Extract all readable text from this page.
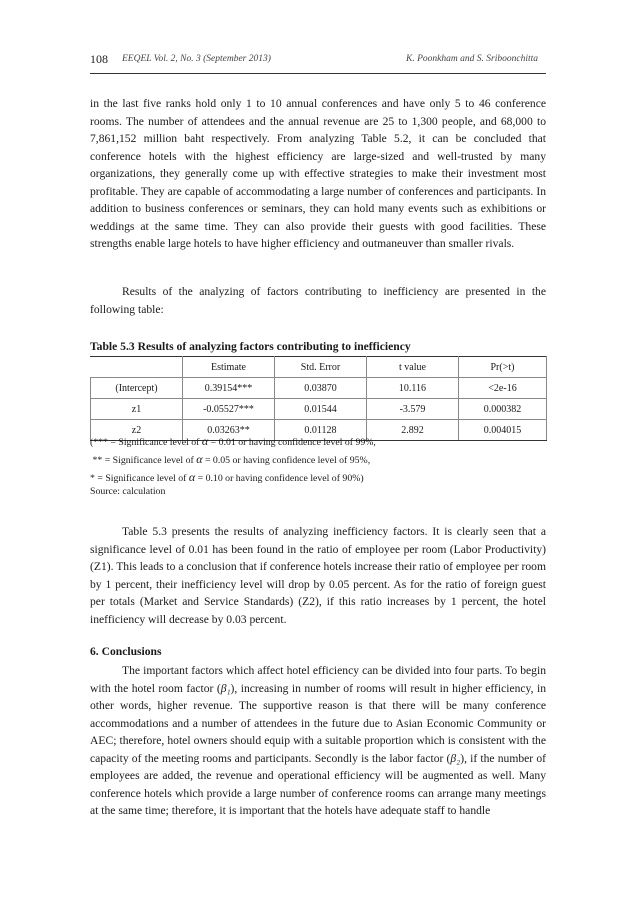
108 EEQEL Vol. 2, No. 3 (September 2013)	K. Poonkham and S. Sriboonchitta

in the last five ranks hold only 1 to 10 annual conferences and have only 5 to 46 conference rooms. The number of attendees and the annual revenue are 25 to 1,300 people, and 68,000 to 7,861,152 million baht respectively. From analyzing Table 5.2, it can be concluded that conference hotels with the highest efficiency are large-sized and well-trusted by many organizations, they generally come up with effective strategies to make their investment most profitable. They are capable of accommodating a large number of conferences and participants. In addition to business conferences or seminars, they can hold many events such as exhibitions or weddings at the same time. They can also provide their guests with good facilities. These strengths enable large hotels to have higher efficiency and outmaneuver than smaller rivals.

Results of the analyzing of factors contributing to inefficiency are presented in the following table:

Table 5.3 Results of analyzing factors contributing to inefficiency
	Estimate	Std. Error	t value	Pr(>t)
(Intercept)	0.39154***	0.03870	10.116	<2e-16
z1	-0.05527***	0.01544	-3.579	0.000382
z2	0.03263**	0.01128	2.892	0.004015
(*** = Significance level of α = 0.01 or having confidence level of 99%,
** = Significance level of α = 0.05 or having confidence level of 95%,
* = Significance level of α = 0.10 or having confidence level of 90%)
Source: calculation

Table 5.3 presents the results of analyzing inefficiency factors. It is clearly seen that a significance level of 0.01 has been found in the ratio of employee per room (Labor Productivity) (Z1). This leads to a conclusion that if conference hotels increase their ratio of employee per room by 1 percent, their inefficiency level will drop by 0.05 percent. As for the ratio of foreign guest per totals (Market and Service Standards) (Z2), if this ratio increases by 1 percent, the hotel inefficiency will decrease by 0.03 percent.

6. Conclusions

The important factors which affect hotel efficiency can be divided into four parts. To begin with the hotel room factor (β₁), increasing in number of rooms will result in higher efficiency, in other words, higher revenue. The supportive reason is that there will be many conference accommodations and a number of attendees in the future due to Asian Economic Community or AEC; therefore, hotel owners should equip with a suitable proportion which is consistent with the capacity of the meeting rooms and participants. Secondly is the labor factor (β₂), if the number of employees are added, the revenue and operational efficiency will be augmented as well. Many conference hotels which provide a large number of conference rooms can arrange many meetings at the same time; therefore, it is important that the hotels have adequate staff to handle
